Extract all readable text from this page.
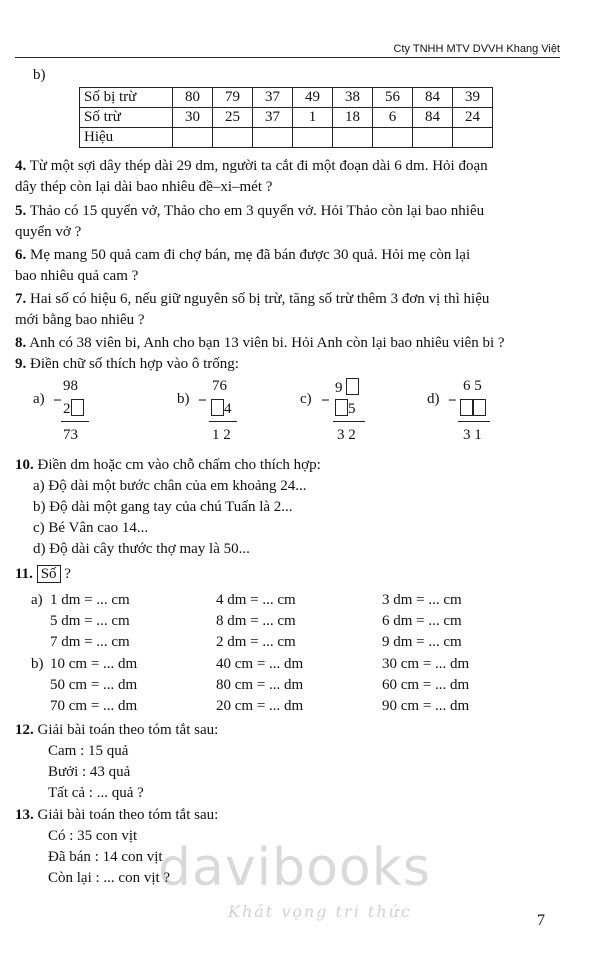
Cty TNHH MTV DVVH Khang Việt
b)
Số bị trừ	80	79	37	49	38	56	84	39
Số trừ	30	25	37	1	18	6	84	24
Hiệu								
4. Từ một sợi dây thép dài 29 dm, người ta cắt đi một đoạn dài 6 dm. Hỏi đoạn
dây thép còn lại dài bao nhiêu đề–xi–mét ?
5. Thảo có 15 quyển vở, Thảo cho em 3 quyển vở. Hỏi Thảo còn lại bao nhiêu
quyển vở ?
6. Mẹ mang 50 quả cam đi chợ bán, mẹ đã bán được 30 quả. Hỏi mẹ còn lại
bao nhiêu quả cam ?
7. Hai số có hiệu 6, nếu giữ nguyên số bị trừ, tăng số trừ thêm 3 đơn vị thì hiệu
mới bằng bao nhiêu ?
8. Anh có 38 viên bi, Anh cho bạn 13 viên bi. Hỏi Anh còn lại bao nhiêu viên bi ?
9. Điền chữ số thích hợp vào ô trống:
a) −
98
2
73
b) −
76
4
1 2
c) −
9
5
3 2
d) −
6 5
3 1
10. Điền dm hoặc cm vào chỗ chấm cho thích hợp:
a) Độ dài một bước chân của em khoảng 24...
b) Độ dài một gang tay của chú Tuấn là 2...
c) Bé Vân cao 14...
d) Độ dài cây thước thợ may là 50...
11. Số ?
a)
b)
1 dm = ... cm	4 dm = ... cm	3 dm = ... cm
5 dm = ... cm	8 dm = ... cm	6 dm = ... cm
7 dm = ... cm	2 dm = ... cm	9 dm = ... cm
10 cm = ... dm	40 cm = ... dm	30 cm = ... dm
50 cm = ... dm	80 cm = ... dm	60 cm = ... dm
70 cm = ... dm	20 cm = ... dm	90 cm = ... dm
12. Giải bài toán theo tóm tắt sau:
Cam : 15 quả
Bưởi : 43 quả
Tất cả : ... quả ?
13. Giải bài toán theo tóm tắt sau:
Có : 35 con vịt
Đã bán : 14 con vịt
Còn lại : ... con vịt ?
davibooks
Khát vọng tri thức	7
